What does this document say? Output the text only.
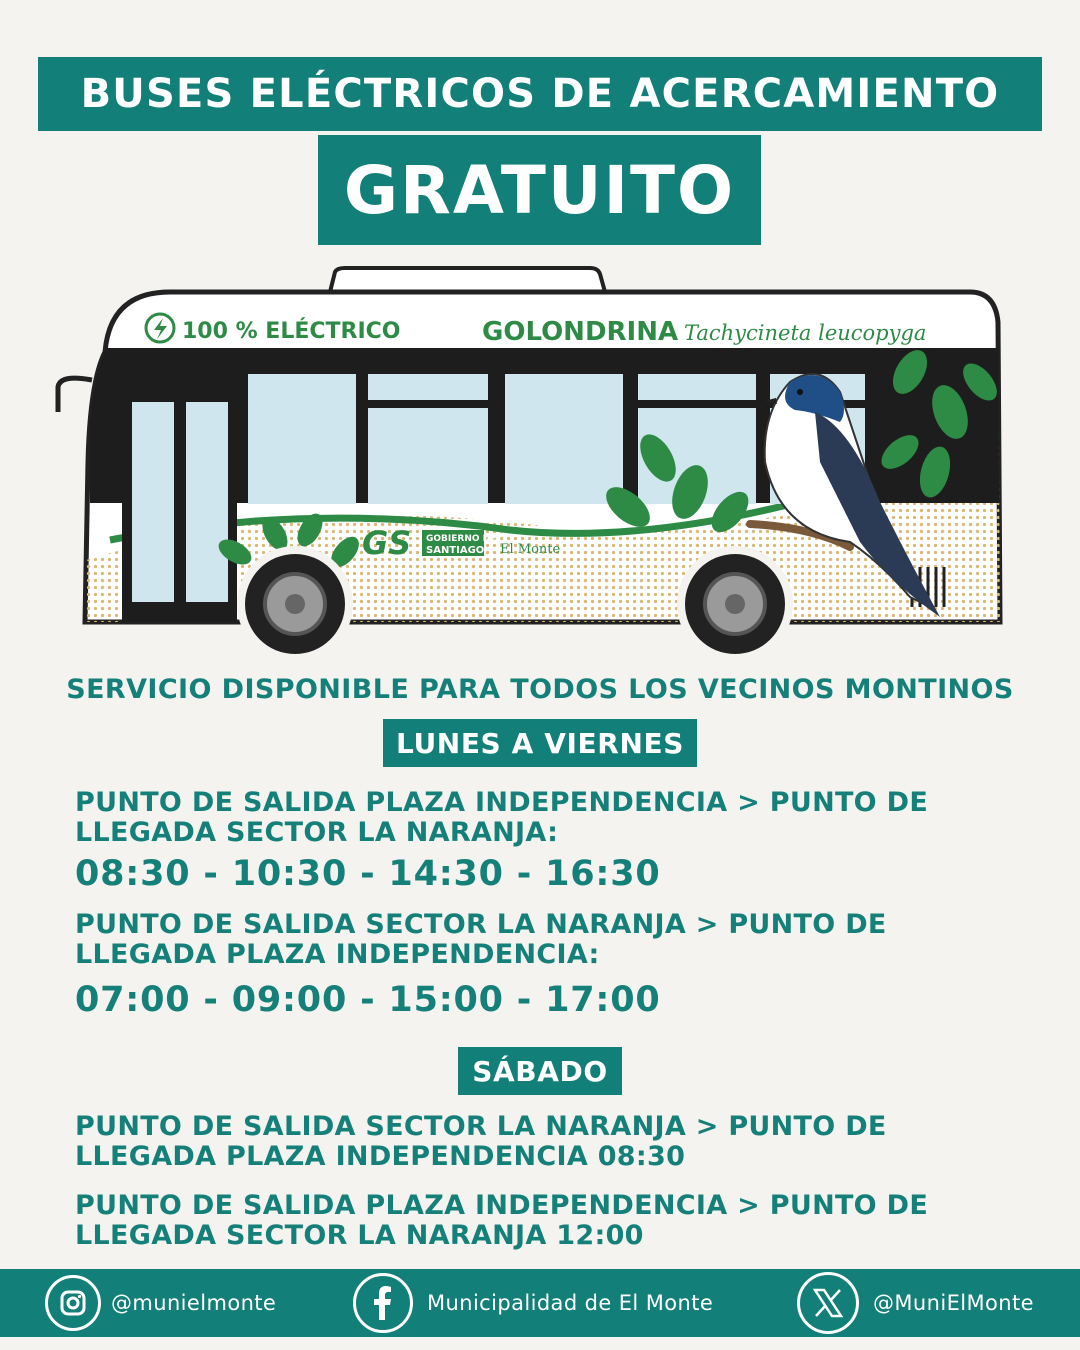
BUSES ELÉCTRICOS DE ACERCAMIENTO
GRATUITO
100 % ELÉCTRICO	GOLONDRINA Tachycineta leucopyga
GS GOBIERNO DE
SANTIAGO El Monte
SERVICIO DISPONIBLE PARA TODOS LOS VECINOS MONTINOS
LUNES A VIERNES
PUNTO DE SALIDA PLAZA INDEPENDENCIA > PUNTO DE LLEGADA SECTOR LA NARANJA:
08:30 - 10:30 - 14:30 - 16:30
PUNTO DE SALIDA SECTOR LA NARANJA > PUNTO DE LLEGADA PLAZA INDEPENDENCIA:
07:00 - 09:00 - 15:00 - 17:00
SÁBADO
PUNTO DE SALIDA SECTOR LA NARANJA > PUNTO DE LLEGADA PLAZA INDEPENDENCIA 08:30
PUNTO DE SALIDA PLAZA INDEPENDENCIA > PUNTO DE LLEGADA SECTOR LA NARANJA 12:00
@munielmonte	Municipalidad de El Monte	@MuniElMonte
